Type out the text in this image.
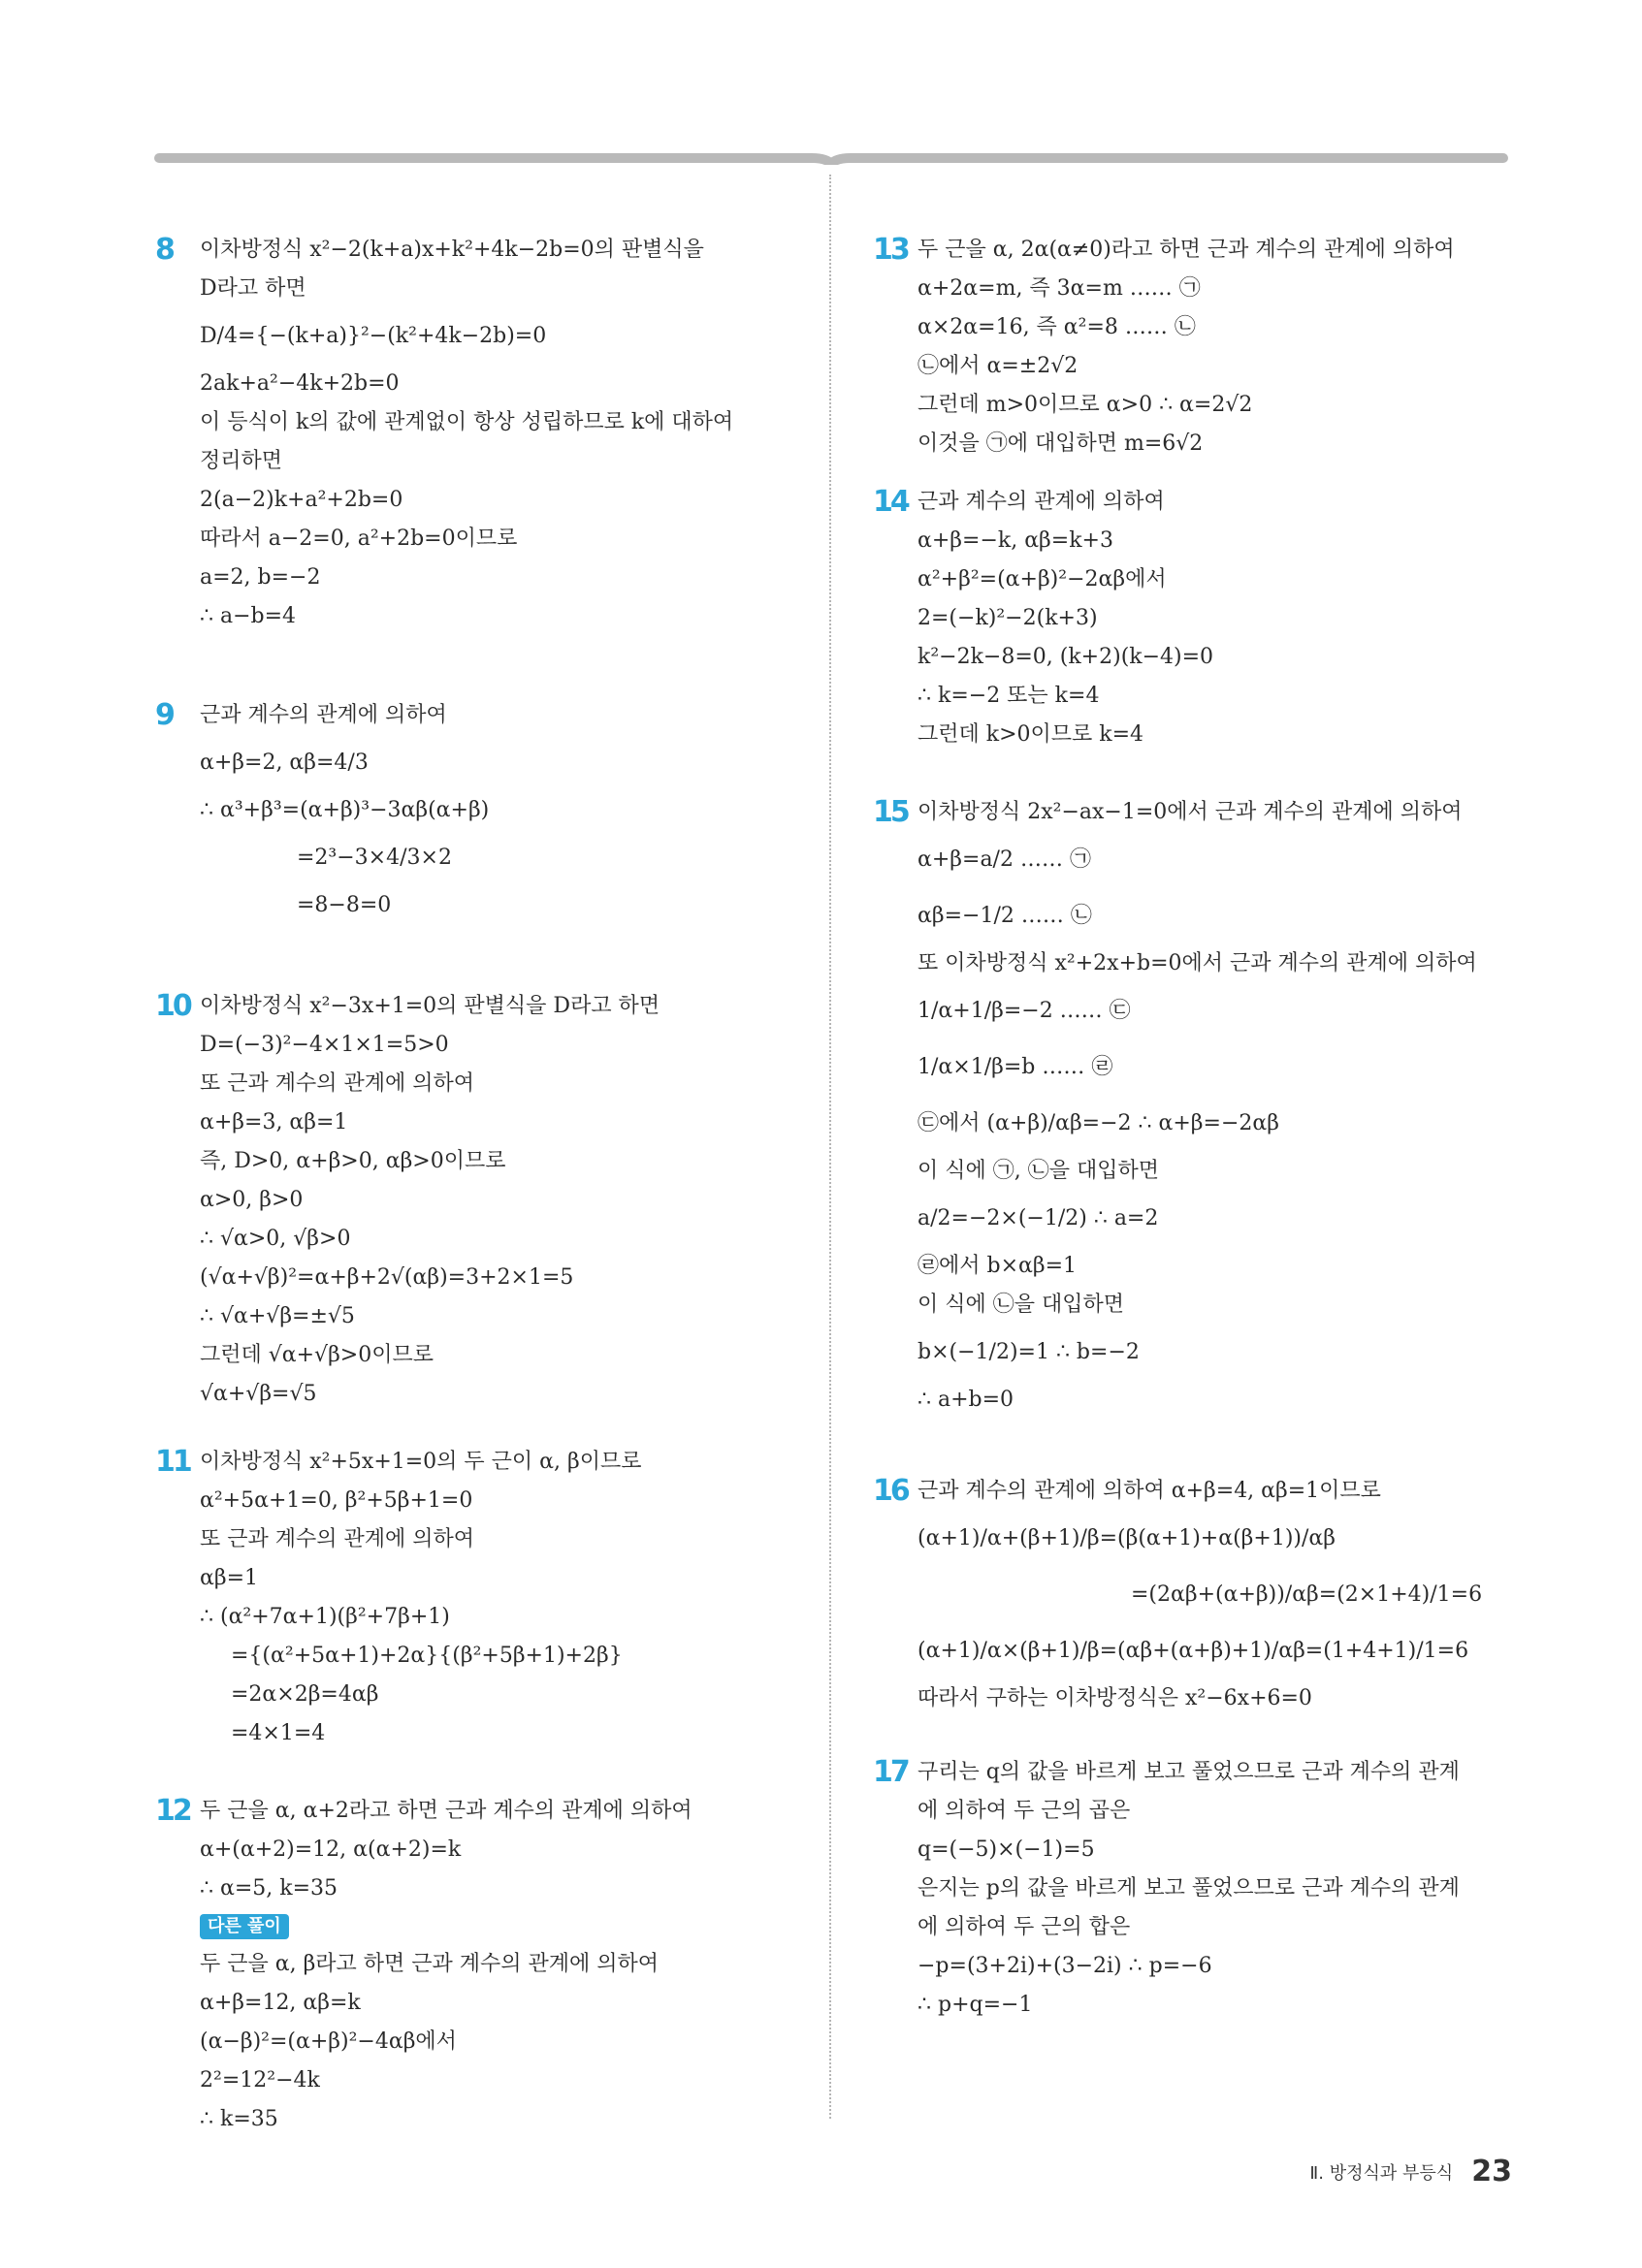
8 이차방정식 x²−2(k+a)x+k²+4k−2b=0의 판별식을
D라고 하면
D/4={−(k+a)}²−(k²+4k−2b)=0
2ak+a²−4k+2b=0
이 등식이 k의 값에 관계없이 항상 성립하므로 k에 대하여
정리하면
2(a−2)k+a²+2b=0
따라서 a−2=0, a²+2b=0이므로
a=2, b=−2
∴ a−b=4
9 근과 계수의 관계에 의하여
α+β=2, αβ=4/3
∴ α³+β³=(α+β)³−3αβ(α+β)
=2³−3×4/3×2
=8−8=0
10 이차방정식 x²−3x+1=0의 판별식을 D라고 하면
D=(−3)²−4×1×1=5>0
또 근과 계수의 관계에 의하여
α+β=3, αβ=1
즉, D>0, α+β>0, αβ>0이므로
α>0, β>0
∴ √α>0, √β>0
(√α+√β)²=α+β+2√(αβ)=3+2×1=5
∴ √α+√β=±√5
그런데 √α+√β>0이므로
√α+√β=√5
11 이차방정식 x²+5x+1=0의 두 근이 α, β이므로
α²+5α+1=0, β²+5β+1=0
또 근과 계수의 관계에 의하여
αβ=1
∴ (α²+7α+1)(β²+7β+1)
={(α²+5α+1)+2α}{(β²+5β+1)+2β}
=2α×2β=4αβ
=4×1=4
12 두 근을 α, α+2라고 하면 근과 계수의 관계에 의하여
α+(α+2)=12, α(α+2)=k
∴ α=5, k=35
다른 풀이
두 근을 α, β라고 하면 근과 계수의 관계에 의하여
α+β=12, αβ=k
(α−β)²=(α+β)²−4αβ에서
2²=12²−4k
∴ k=35
13 두 근을 α, 2α(α≠0)라고 하면 근과 계수의 관계에 의하여
α+2α=m, 즉 3α=m …… ㉠
α×2α=16, 즉 α²=8 …… ㉡
㉡에서 α=±2√2
그런데 m>0이므로 α>0 ∴ α=2√2
이것을 ㉠에 대입하면 m=6√2
14 근과 계수의 관계에 의하여
α+β=−k, αβ=k+3
α²+β²=(α+β)²−2αβ에서
2=(−k)²−2(k+3)
k²−2k−8=0, (k+2)(k−4)=0
∴ k=−2 또는 k=4
그런데 k>0이므로 k=4
15 이차방정식 2x²−ax−1=0에서 근과 계수의 관계에 의하여
α+β=a/2 …… ㉠
αβ=−1/2 …… ㉡
또 이차방정식 x²+2x+b=0에서 근과 계수의 관계에 의하여
1/α+1/β=−2 …… ㉢
1/α×1/β=b …… ㉣
㉢에서 (α+β)/αβ=−2 ∴ α+β=−2αβ
이 식에 ㉠, ㉡을 대입하면
a/2=−2×(−1/2) ∴ a=2
㉣에서 b×αβ=1
이 식에 ㉡을 대입하면
b×(−1/2)=1 ∴ b=−2
∴ a+b=0
16 근과 계수의 관계에 의하여 α+β=4, αβ=1이므로
(α+1)/α+(β+1)/β=(β(α+1)+α(β+1))/αβ
=(2αβ+(α+β))/αβ=(2×1+4)/1=6
(α+1)/α×(β+1)/β=(αβ+(α+β)+1)/αβ=(1+4+1)/1=6
따라서 구하는 이차방정식은 x²−6x+6=0
17 구리는 q의 값을 바르게 보고 풀었으므로 근과 계수의 관계
에 의하여 두 근의 곱은
q=(−5)×(−1)=5
은지는 p의 값을 바르게 보고 풀었으므로 근과 계수의 관계
에 의하여 두 근의 합은
−p=(3+2i)+(3−2i) ∴ p=−6
∴ p+q=−1
Ⅱ. 방정식과 부등식 23
